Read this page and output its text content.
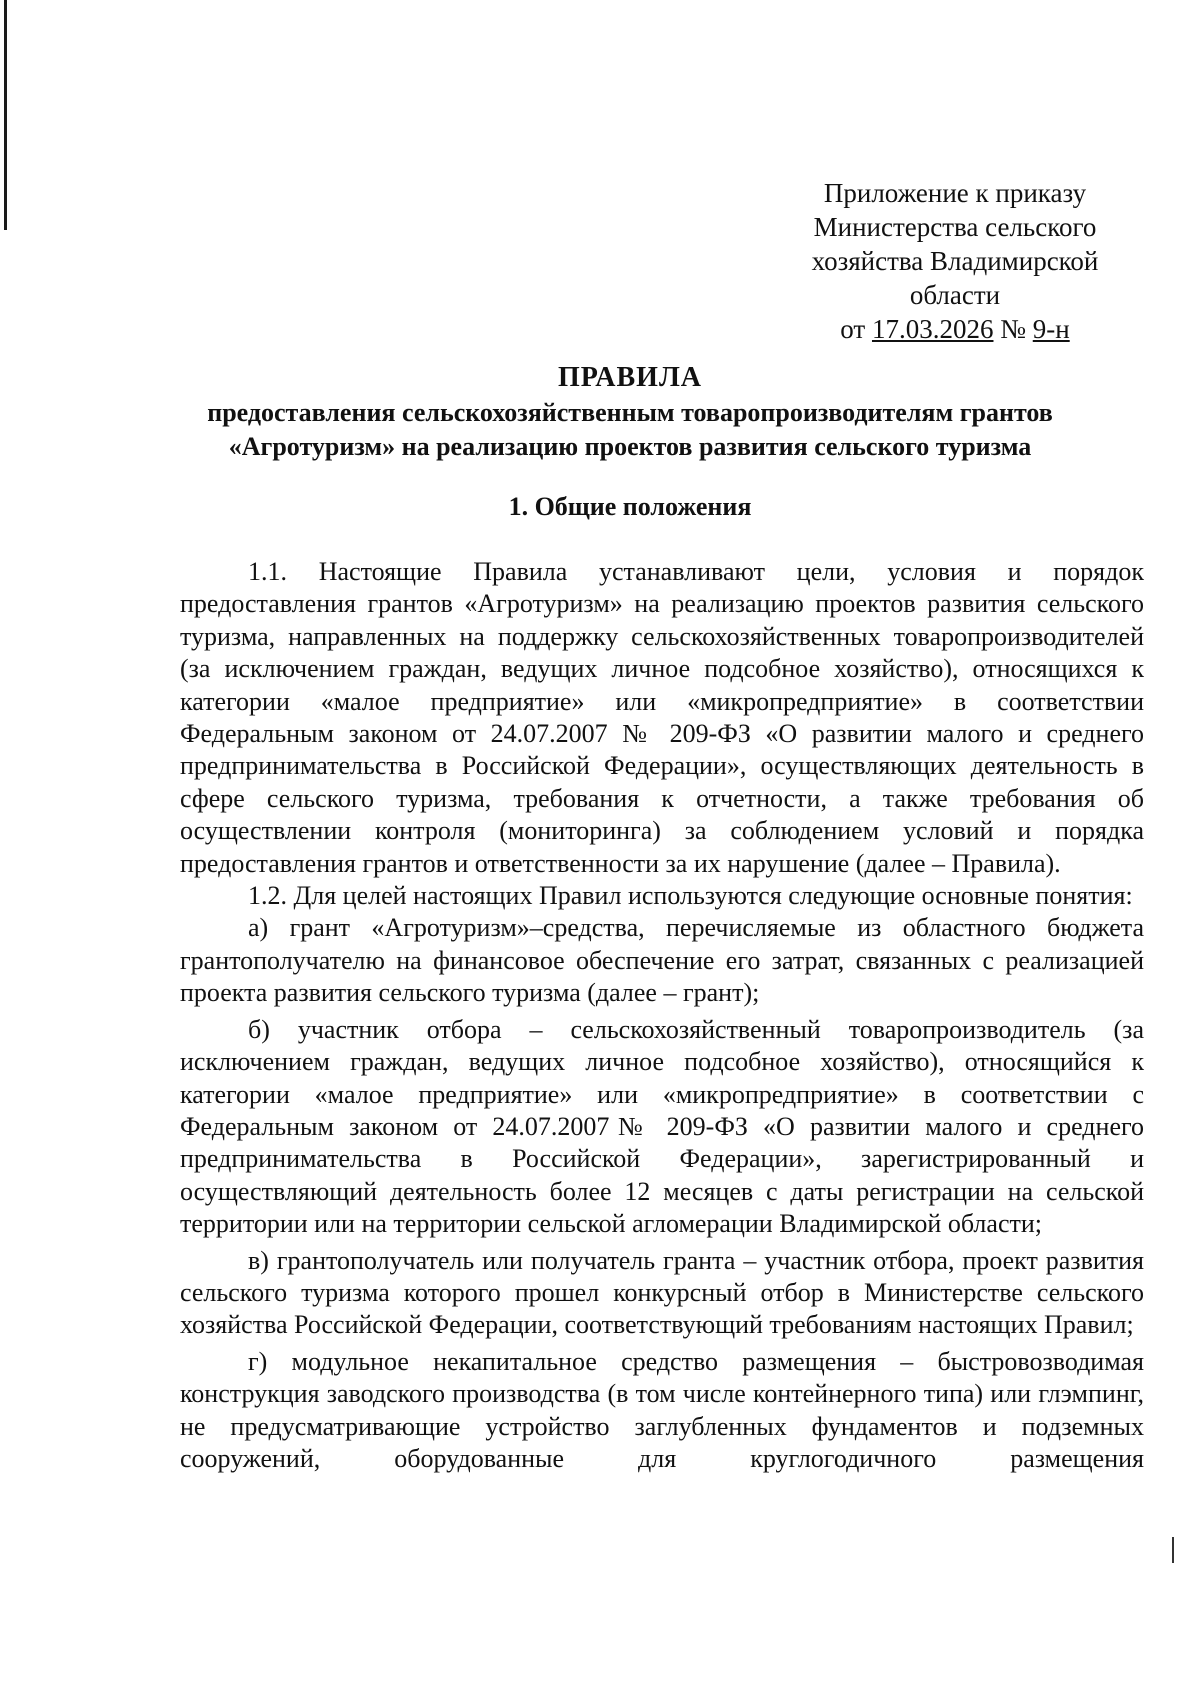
Приложение к приказу
Министерства сельского
хозяйства Владимирской
области
от 17.03.2026 № 9-н
ПРАВИЛА
предоставления сельскохозяйственным товаропроизводителям грантов
«Агротуризм» на реализацию проектов развития сельского туризма
1. Общие положения

1.1. Настоящие Правила устанавливают цели, условия и порядок предоставления грантов «Агротуризм» на реализацию проектов развития сельского туризма, направленных на поддержку сельскохозяйственных товаропроизводителей (за исключением граждан, ведущих личное подсобное хозяйство), относящихся к категории «малое предприятие» или «микропредприятие» в соответствии Федеральным законом от 24.07.2007 № 209-ФЗ «О развитии малого и среднего предпринимательства в Российской Федерации», осуществляющих деятельность в сфере сельского туризма, требования к отчетности, а также требования об осуществлении контроля (мониторинга) за соблюдением условий и порядка предоставления грантов и ответственности за их нарушение (далее – Правила).

1.2. Для целей настоящих Правил используются следующие основные понятия:

а) грант «Агротуризм»–средства, перечисляемые из областного бюджета грантополучателю на финансовое обеспечение его затрат, связанных с реализацией проекта развития сельского туризма (далее – грант);

б) участник отбора – сельскохозяйственный товаропроизводитель (за исключением граждан, ведущих личное подсобное хозяйство), относящийся к категории «малое предприятие» или «микропредприятие» в соответствии с Федеральным законом от 24.07.2007№ 209-ФЗ «О развитии малого и среднего предпринимательства в Российской Федерации», зарегистрированный и осуществляющий деятельность более 12 месяцев с даты регистрации на сельской территории или на территории сельской агломерации Владимирской области;

в) грантополучатель или получатель гранта – участник отбора, проект развития сельского туризма которого прошел конкурсный отбор в Министерстве сельского хозяйства Российской Федерации, соответствующий требованиям настоящих Правил;

г) модульное некапитальное средство размещения – быстровозводимая конструкция заводского производства (в том числе контейнерного типа) или глэмпинг, не предусматривающие устройство заглубленных фундаментов и подземных сооружений, оборудованные для круглогодичного размещения
